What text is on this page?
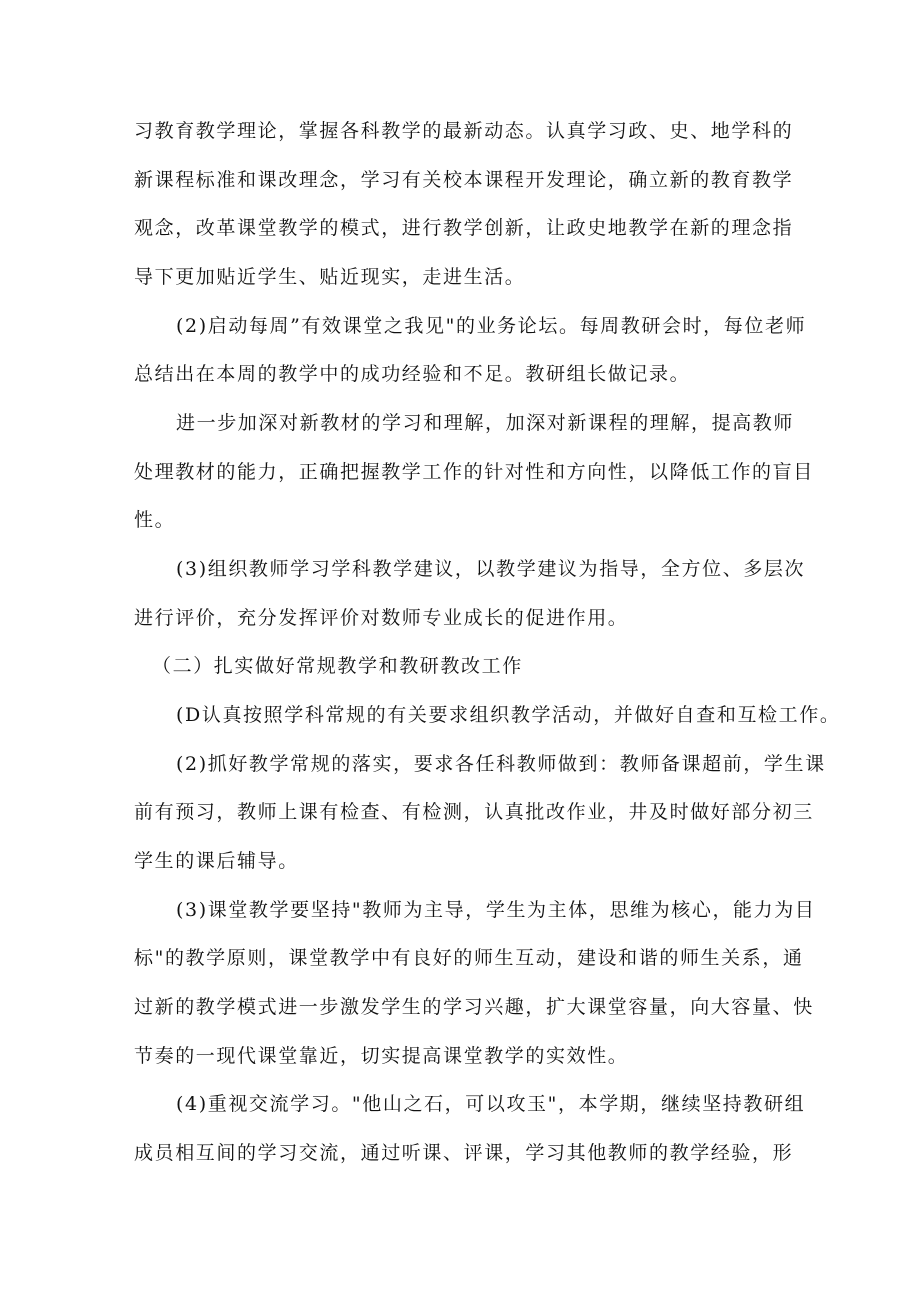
习教育教学理论，掌握各科教学的最新动态。认真学习政、史、地学科的
新课程标准和课改理念，学习有关校本课程开发理论，确立新的教育教学
观念，改革课堂教学的模式，进行教学创新，让政史地教学在新的理念指
导下更加贴近学生、贴近现实，走进生活。
(2)启动每周”有效课堂之我见"的业务论坛。每周教研会时，每位老师
总结出在本周的教学中的成功经验和不足。教研组长做记录。
进一步加深对新教材的学习和理解，加深对新课程的理解，提高教师
处理教材的能力，正确把握教学工作的针对性和方向性，以降低工作的盲目
性。
(3)组织教师学习学科教学建议，以教学建议为指导，全方位、多层次
进行评价，充分发挥评价对数师专业成长的促进作用。
（二）扎实做好常规教学和教研教改工作
(D认真按照学科常规的有关要求组织教学活动，并做好自查和互检工作。
(2)抓好教学常规的落实，要求各任科教师做到：教师备课超前，学生课
前有预习，教师上课有检查、有检测，认真批改作业，井及时做好部分初三
学生的课后辅导。
(3)课堂教学要坚持"教师为主导，学生为主体，思维为核心，能力为目
标"的教学原则，课堂教学中有良好的师生互动，建设和谐的师生关系，通
过新的教学模式进一步激发学生的学习兴趣，扩大课堂容量，向大容量、快
节奏的一现代课堂靠近，切实提高课堂教学的实效性。
(4)重视交流学习。"他山之石，可以攻玉"，本学期，继续坚持教研组
成员相互间的学习交流，通过听课、评课，学习其他教师的教学经验，形
